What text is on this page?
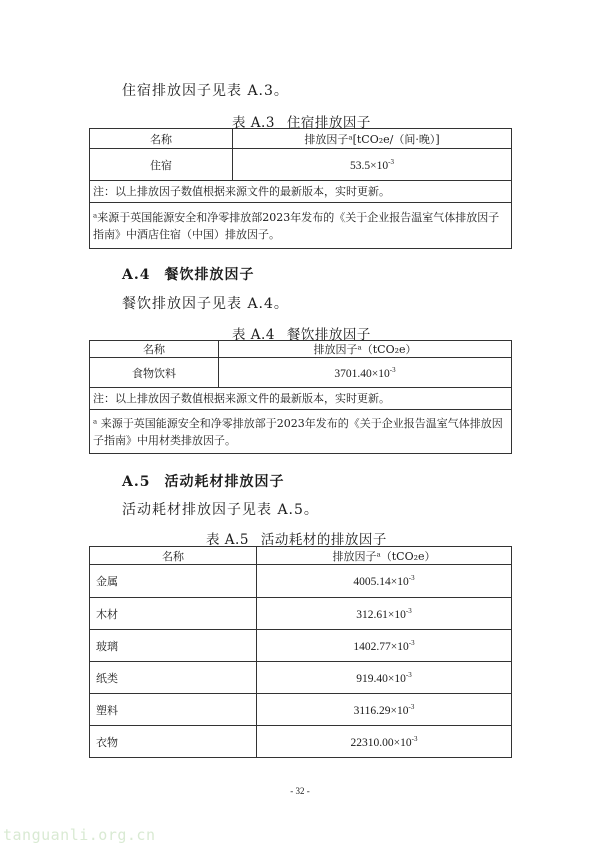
住宿排放因子见表 A.3。
表 A.3 住宿排放因子
名称	排放因子ᵃ[tCO₂e/（间·晚）]
住宿	$53.5\times 10^{-3}$
注：以上排放因子数值根据来源文件的最新版本，实时更新。	
ᵃ来源于英国能源安全和净零排放部2023年发布的《关于企业报告温室气体排放因子指南》中酒店住宿（中国）排放因子。	
A.4 餐饮排放因子
餐饮排放因子见表 A.4。
表 A.4 餐饮排放因子
名称	排放因子ᵃ（tCO₂e）
食物饮料	$3701.40\times 10^{-3}$
注：以上排放因子数值根据来源文件的最新版本，实时更新。	
ᵃ 来源于英国能源安全和净零排放部于2023年发布的《关于企业报告温室气体排放因子指南》中用材类排放因子。	
A.5 活动耗材排放因子
活动耗材排放因子见表 A.5。
表 A.5 活动耗材的排放因子
名称	排放因子ᵃ（tCO₂e）
金属	$4005.14\times 10^{-3}$
木材	$312.61\times 10^{-3}$
玻璃	$1402.77\times 10^{-3}$
纸类	$919.40\times 10^{-3}$
塑料	$3116.29\times 10^{-3}$
衣物	$22310.00\times 10^{-3}$
- 32 -
tanguanli.org.cn
